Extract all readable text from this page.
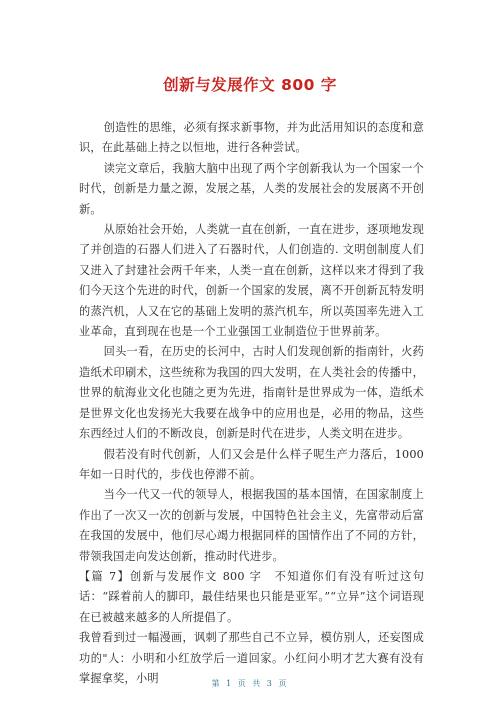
创新与发展作文 800 字

创造性的思维，必须有探求新事物，并为此活用知识的态度和意识，在此基础上持之以恒地，进行各种尝试。

读完文章后，我脑大脑中出现了两个字创新我认为一个国家一个时代，创新是力量之源，发展之基，人类的发展社会的发展离不开创新。

从原始社会开始，人类就一直在创新，一直在进步，逐项地发现了并创造的石器人们进入了石器时代，人们创造的. 文明创制度人们又进入了封建社会两千年来，人类一直在创新，这样以来才得到了我们今天这个先进的时代，创新一个国家的发展，离不开创新瓦特发明的蒸汽机，人又在它的基础上发明的蒸汽机车，所以英国率先进入工业革命，直到现在也是一个工业强国工业制造位于世界前茅。

回头一看，在历史的长河中，古时人们发现创新的指南针，火药造纸术印刷术，这些统称为我国的四大发明，在人类社会的传播中，世界的航海业文化也随之更为先进，指南针是世界成为一体，造纸术是世界文化也发扬光大我要在战争中的应用也是，必用的物品，这些东西经过人们的不断改良，创新是时代在进步，人类文明在进步。

假若没有时代创新，人们又会是什么样子呢生产力落后，1000 年如一日时代的，步伐也停滞不前。

当今一代又一代的领导人，根据我国的基本国情，在国家制度上作出了一次又一次的创新与发展，中国特色社会主义，先富带动后富在我国的发展中，他们尽心竭力根据同样的国情作出了不同的方针，带领我国走向发达创新，推动时代进步。

【篇 7】创新与发展作文 800 字　不知道你们有没有听过这句话：“踩着前人的脚印，最佳结果也只能是亚军。”“立异”这个词语现在已被越来越多的人所提倡了。

我曾看到过一幅漫画，讽刺了那些自己不立异，模仿别人，还妄图成功的"人：小明和小红放学后一道回家。小红问小明才艺大赛有没有掌握拿奖，小明	第 1 页 共 3 页
